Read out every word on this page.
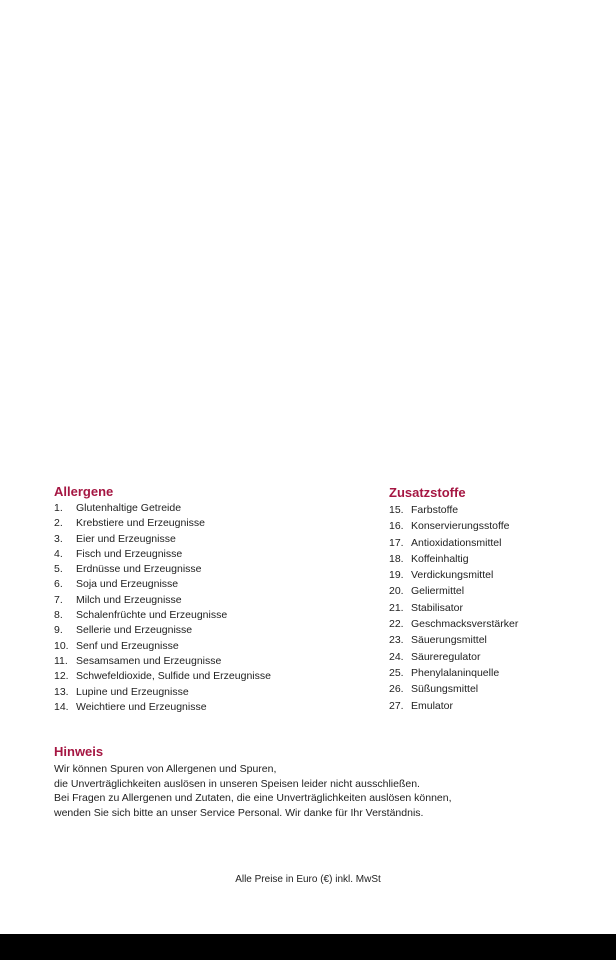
Allergene
1.	Glutenhaltige Getreide
2.	Krebstiere und Erzeugnisse
3.	Eier und Erzeugnisse
4.	Fisch und Erzeugnisse
5.	Erdnüsse und Erzeugnisse
6.	Soja und Erzeugnisse
7.	Milch und Erzeugnisse
8.	Schalenfrüchte und Erzeugnisse
9.	Sellerie und Erzeugnisse
10. Senf und Erzeugnisse
11. Sesamsamen und Erzeugnisse
12. Schwefeldioxide, Sulfide und Erzeugnisse
13. Lupine und Erzeugnisse
14. Weichtiere und Erzeugnisse
Zusatzstoffe
15. Farbstoffe
16. Konservierungsstoffe
17. Antioxidationsmittel
18. Koffeinhaltig
19. Verdickungsmittel
20. Geliermittel
21. Stabilisator
22. Geschmacksverstärker
23. Säuerungsmittel
24. Säureregulator
25. Phenylalaninquelle
26. Süßungsmittel
27. Emulator
Hinweis

Wir können Spuren von Allergenen und Spuren,
die Unverträglichkeiten auslösen in unseren Speisen leider nicht ausschließen.
Bei Fragen zu Allergenen und Zutaten, die eine Unverträglichkeiten auslösen können,
wenden Sie sich bitte an unser Service Personal. Wir danke für Ihr Verständnis.

Alle Preise in Euro (€) inkl. MwSt
